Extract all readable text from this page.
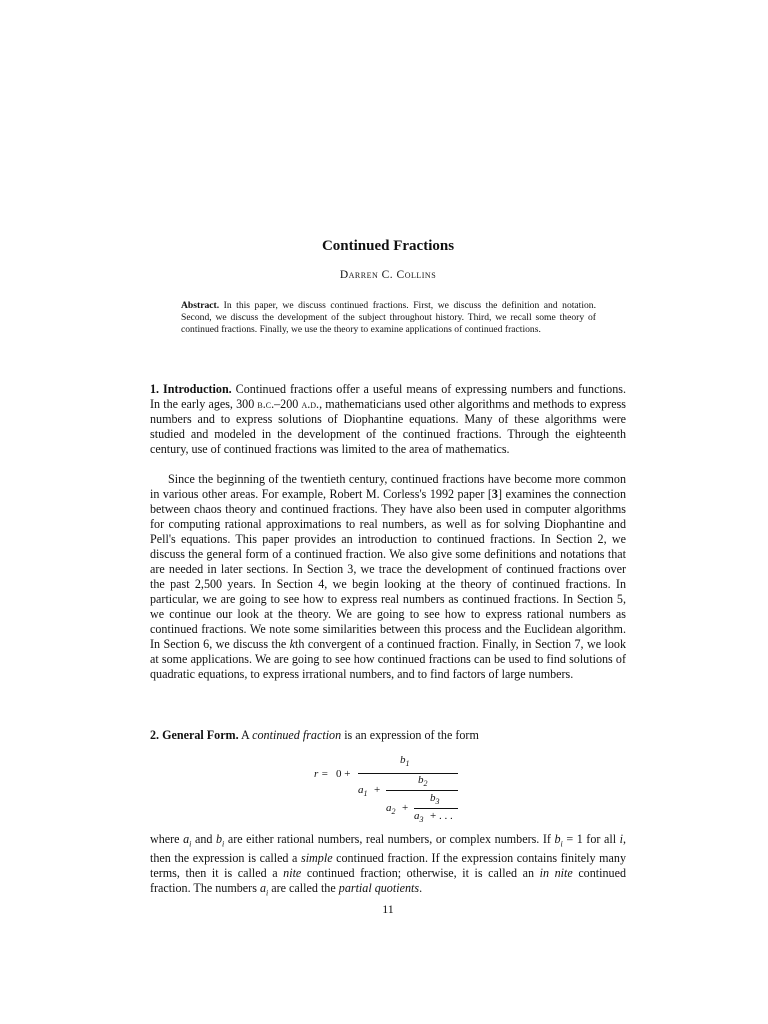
Continued Fractions
Darren C. Collins
Abstract. In this paper, we discuss continued fractions. First, we discuss the definition and notation. Second, we discuss the development of the subject throughout history. Third, we recall some theory of continued fractions. Finally, we use the theory to examine applications of continued fractions.
1. Introduction. Continued fractions offer a useful means of expressing numbers and functions. In the early ages, 300 b.c.–200 a.d., mathematicians used other algorithms and methods to express numbers and to express solutions of Diophantine equations. Many of these algorithms were studied and modeled in the development of the continued fractions. Through the eighteenth century, use of continued fractions was limited to the area of mathematics.
Since the beginning of the twentieth century, continued fractions have become more common in various other areas. For example, Robert M. Corless's 1992 paper [3] examines the connection between chaos theory and continued fractions. They have also been used in computer algorithms for computing rational approximations to real numbers, as well as for solving Diophantine and Pell's equations. This paper provides an introduction to continued fractions. In Section 2, we discuss the general form of a continued fraction. We also give some definitions and notations that are needed in later sections. In Section 3, we trace the development of continued fractions over the past 2,500 years. In Section 4, we begin looking at the theory of continued fractions. In particular, we are going to see how to express real numbers as continued fractions. In Section 5, we continue our look at the theory. We are going to see how to express rational numbers as continued fractions. We note some similarities between this process and the Euclidean algorithm. In Section 6, we discuss the kth convergent of a continued fraction. Finally, in Section 7, we look at some applications. We are going to see how continued fractions can be used to find solutions of quadratic equations, to express irrational numbers, and to find factors of large numbers.
2. General Form. A continued fraction is an expression of the form
r = 0 +
$b_1$
$a_1$ +
$b_2$
$a_2$ +
$b_3$
$a_3$ + . . .
where $a_i$ and $b_i$ are either rational numbers, real numbers, or complex numbers. If $b_i = 1$ for all i, then the expression is called a simple continued fraction. If the expression contains finitely many terms, then it is called a nite continued fraction; otherwise, it is called an in nite continued fraction. The numbers $a_i$ are called the partial quotients.
11
